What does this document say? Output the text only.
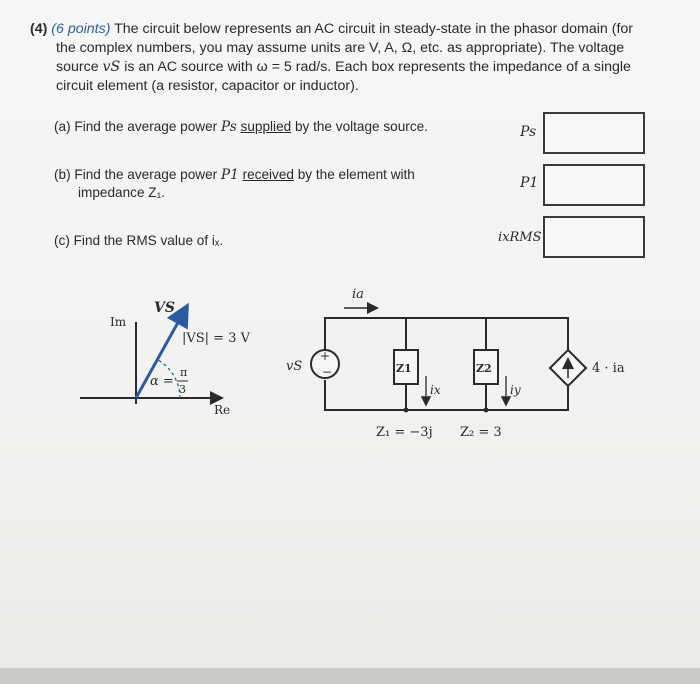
(4) (6 points) The circuit below represents an AC circuit in steady-state in the phasor domain (for
the complex numbers, you may assume units are V, A, Ω, etc. as appropriate). The voltage
source vS is an AC source with ω = 5 rad/s. Each box represents the impedance of a single
circuit element (a resistor, capacitor or inductor).
(a) Find the average power Ps supplied by the voltage source.	Ps
(b) Find the average power P1 received by the element with
impedance Z₁.
P1
(c) Find the RMS value of iₓ.	ixRMS
Im
Re
VS
|VS| = 3 V
α =
π
3
+
−
vS
ia
Z1
ix
Z2
iy
4 · ia
Z₁ = −3j Z₂ = 3
